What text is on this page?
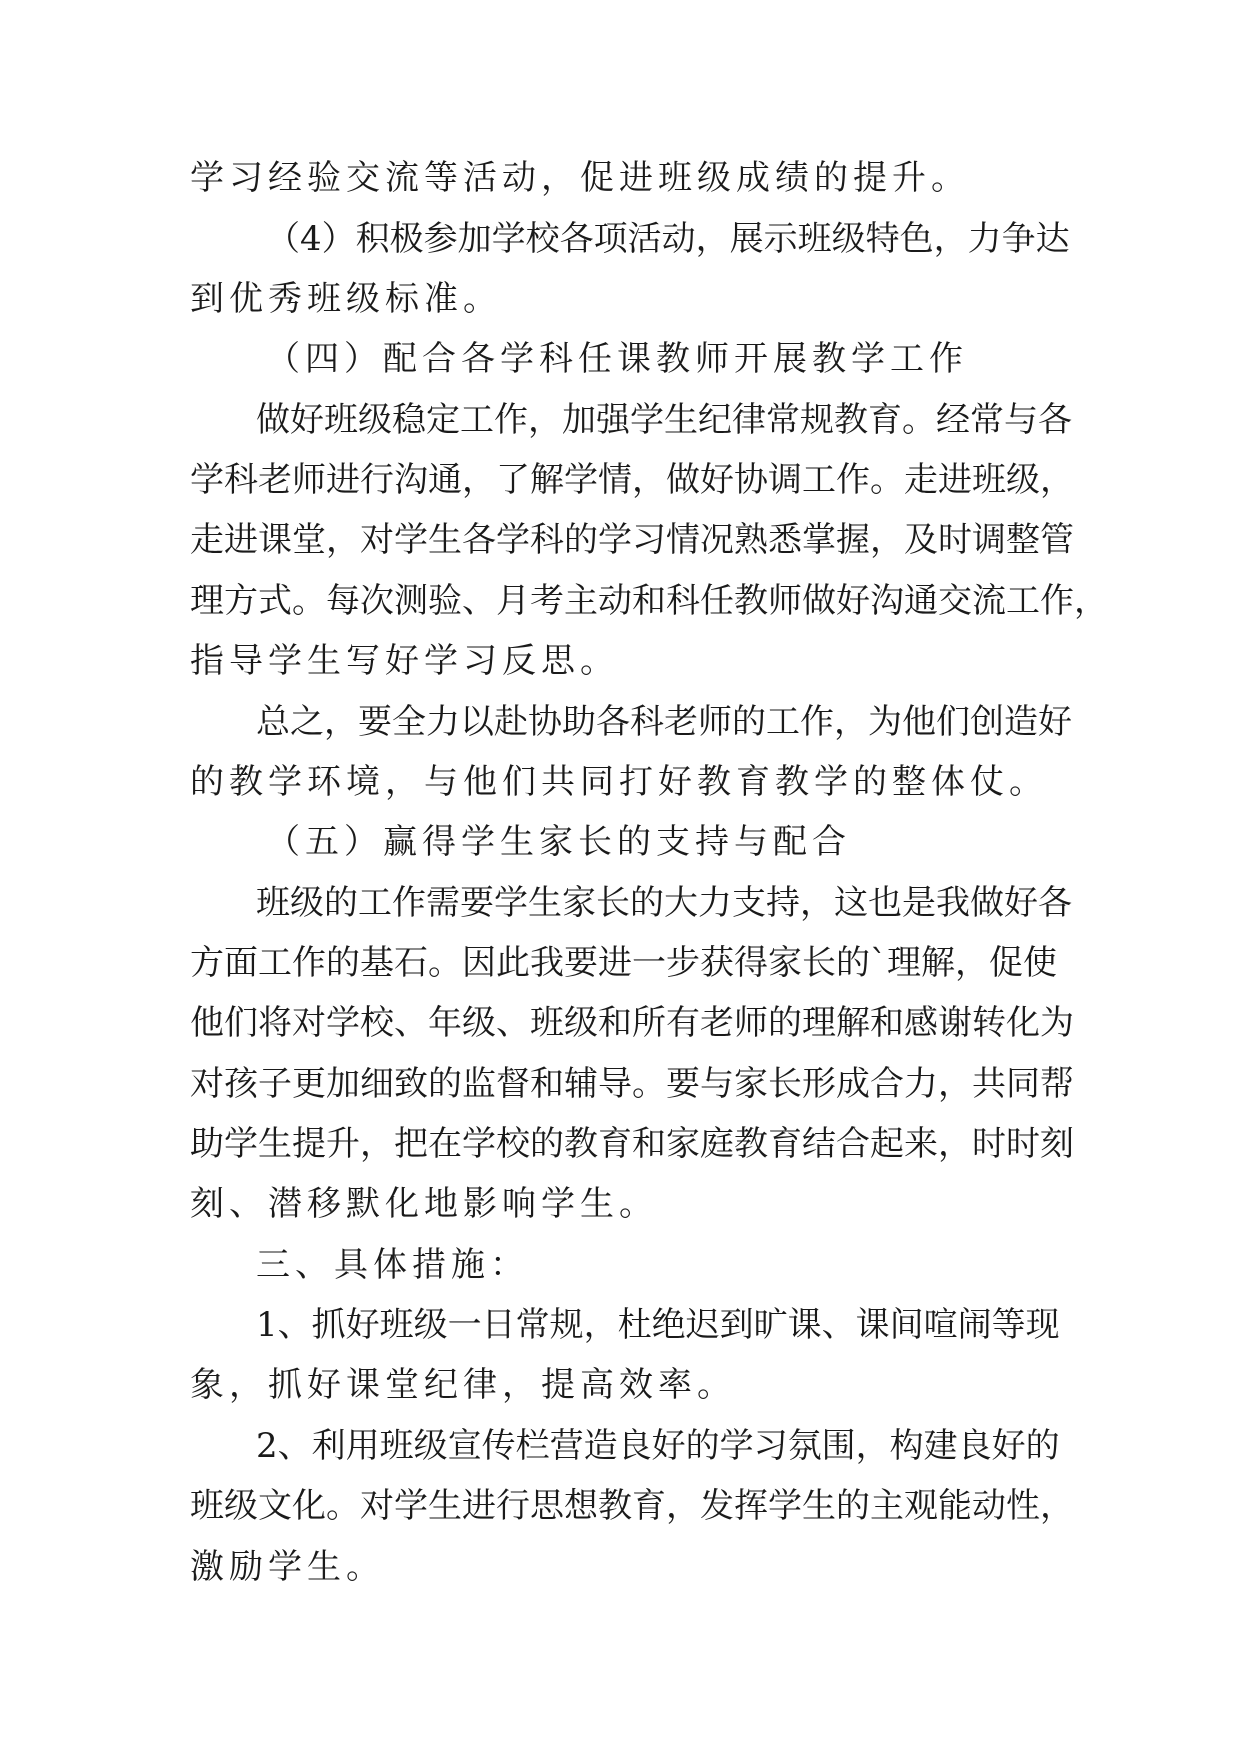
学习经验交流等活动，促进班级成绩的提升。
（4）积极参加学校各项活动，展示班级特色，力争达
到优秀班级标准。
（四）配合各学科任课教师开展教学工作
做好班级稳定工作，加强学生纪律常规教育。经常与各
学科老师进行沟通，了解学情，做好协调工作。走进班级，
走进课堂，对学生各学科的学习情况熟悉掌握，及时调整管
理方式。每次测验、月考主动和科任教师做好沟通交流工作，
指导学生写好学习反思。
总之，要全力以赴协助各科老师的工作，为他们创造好
的教学环境，与他们共同打好教育教学的整体仗。
（五）赢得学生家长的支持与配合
班级的工作需要学生家长的大力支持，这也是我做好各
方面工作的基石。因此我要进一步获得家长的`理解，促使
他们将对学校、年级、班级和所有老师的理解和感谢转化为
对孩子更加细致的监督和辅导。要与家长形成合力，共同帮
助学生提升，把在学校的教育和家庭教育结合起来，时时刻
刻、潜移默化地影响学生。
三、具体措施：
1、抓好班级一日常规，杜绝迟到旷课、课间喧闹等现
象，抓好课堂纪律，提高效率。
2、利用班级宣传栏营造良好的学习氛围，构建良好的
班级文化。对学生进行思想教育，发挥学生的主观能动性，
激励学生。
